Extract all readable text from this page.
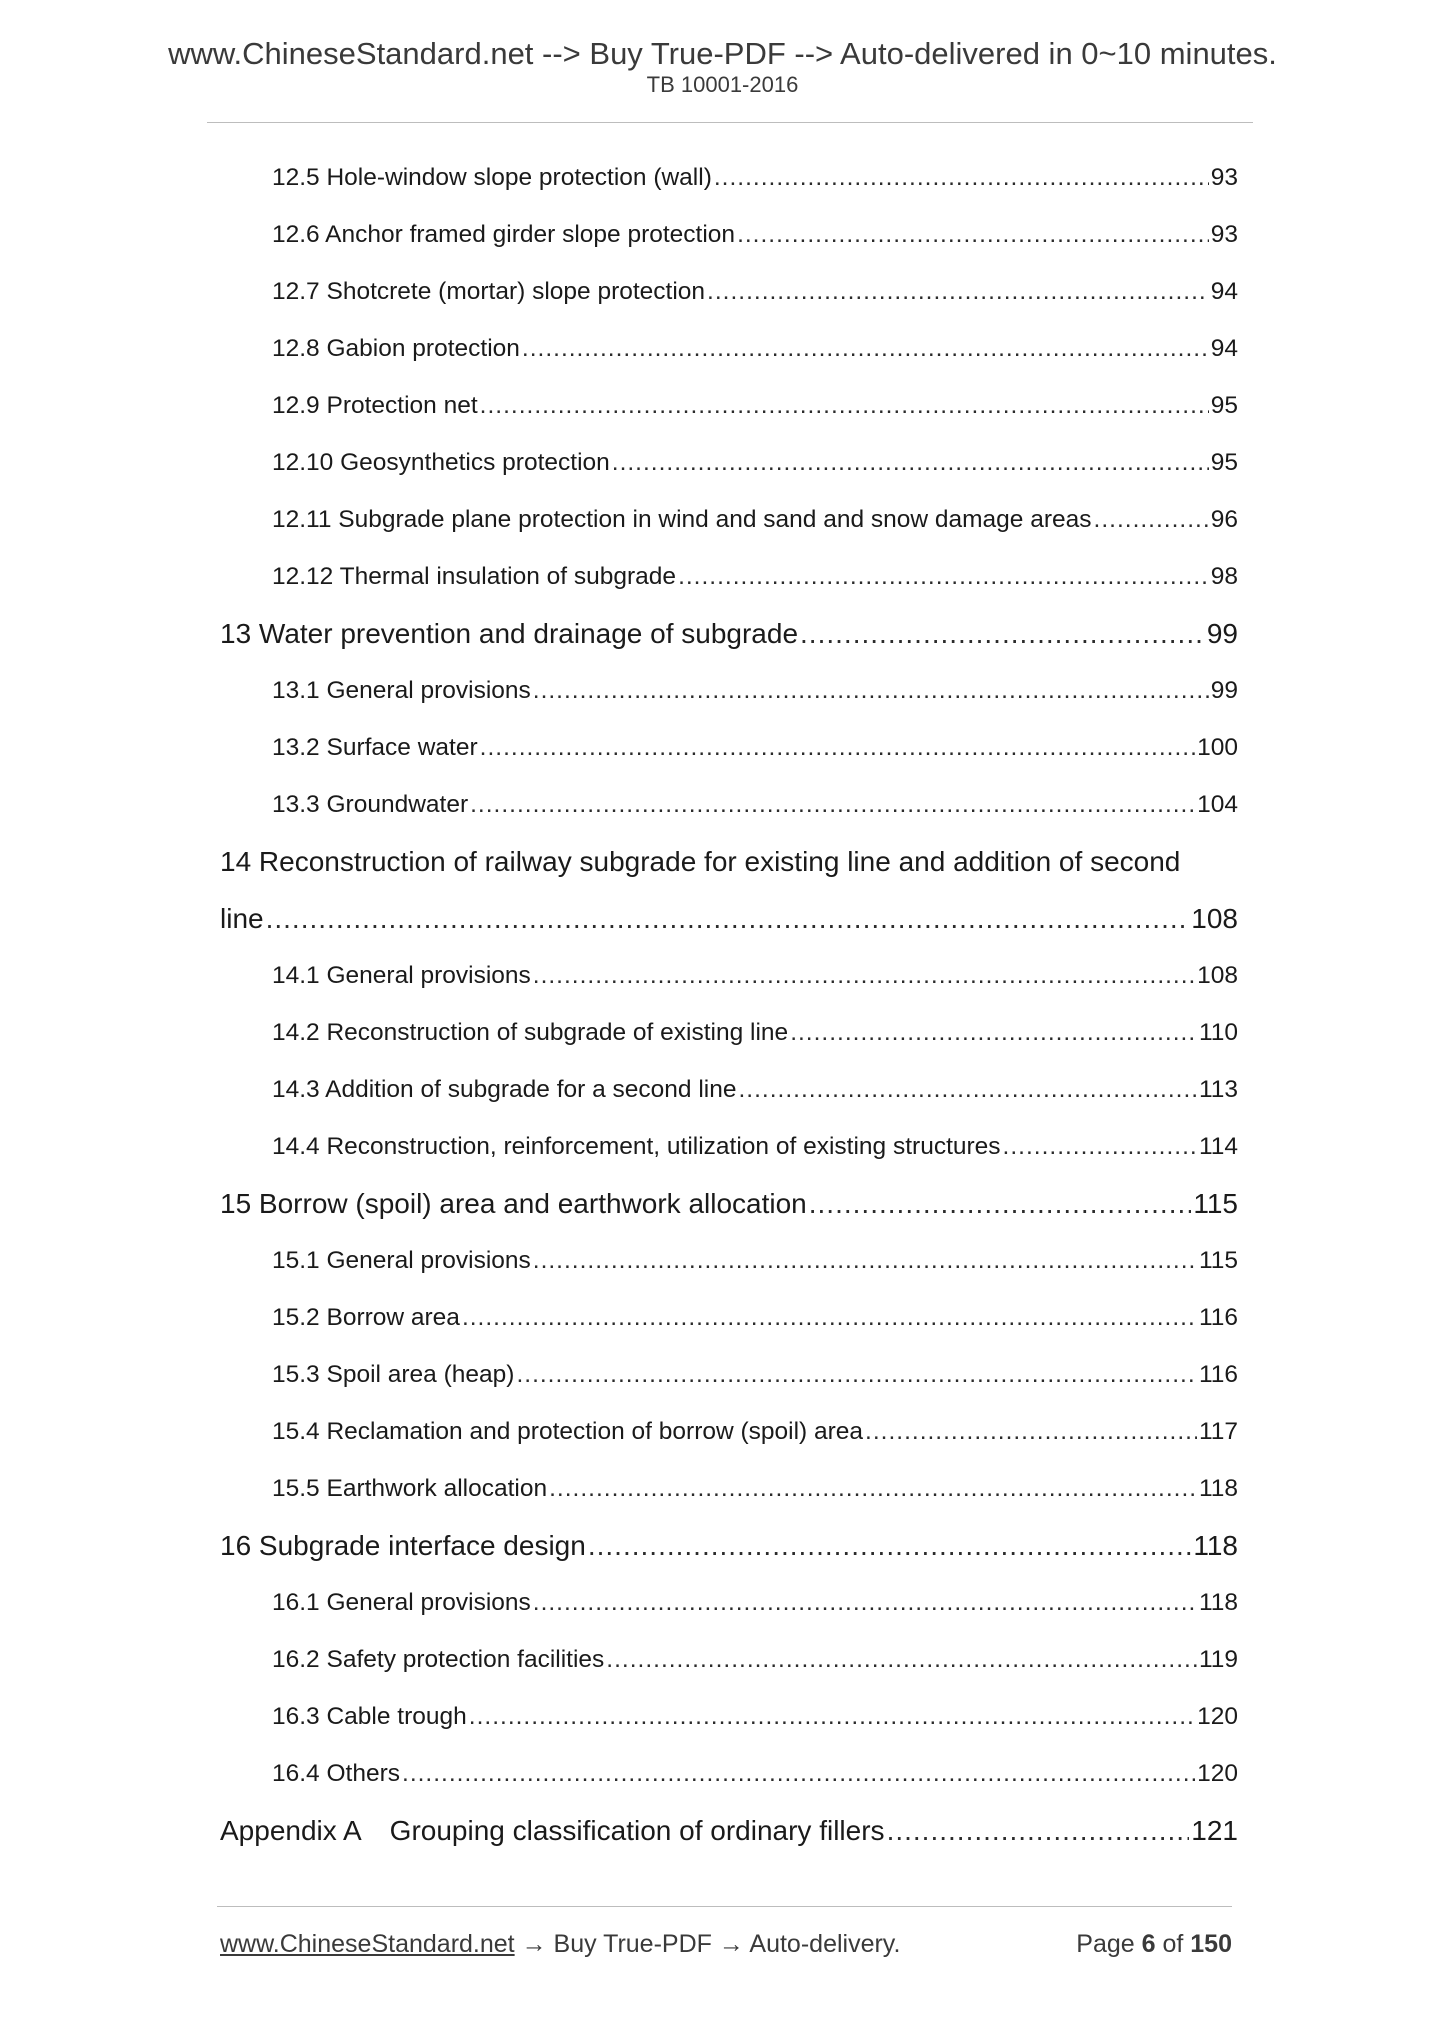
www.ChineseStandard.net --> Buy True-PDF --> Auto-delivered in 0~10 minutes.
TB 10001-2016
12.5 Hole-window slope protection (wall) .....	93
12.6 Anchor framed girder slope protection .....	93
12.7 Shotcrete (mortar) slope protection .....	94
12.8 Gabion protection .....	94
12.9 Protection net .....	95
12.10 Geosynthetics protection .....	95
12.11 Subgrade plane protection in wind and sand and snow damage areas .....	96
12.12 Thermal insulation of subgrade .....	98
13 Water prevention and drainage of subgrade .....	99
13.1 General provisions .....	99
13.2 Surface water .....	100
13.3 Groundwater .....	104
14 Reconstruction of railway subgrade for existing line and addition of second
line .....	108
14.1 General provisions .....	108
14.2 Reconstruction of subgrade of existing line .....	110
14.3 Addition of subgrade for a second line .....	113
14.4 Reconstruction, reinforcement, utilization of existing structures .....	114
15 Borrow (spoil) area and earthwork allocation .....	115
15.1 General provisions .....	115
15.2 Borrow area .....	116
15.3 Spoil area (heap) .....	116
15.4 Reclamation and protection of borrow (spoil) area .....	117
15.5 Earthwork allocation .....	118
16 Subgrade interface design .....	118
16.1 General provisions .....	118
16.2 Safety protection facilities .....	119
16.3 Cable trough .....	120
16.4 Others .....	120
Appendix A Grouping classification of ordinary fillers .....	121
www.ChineseStandard.net → Buy True-PDF → Auto-delivery.	Page 6 of 150
